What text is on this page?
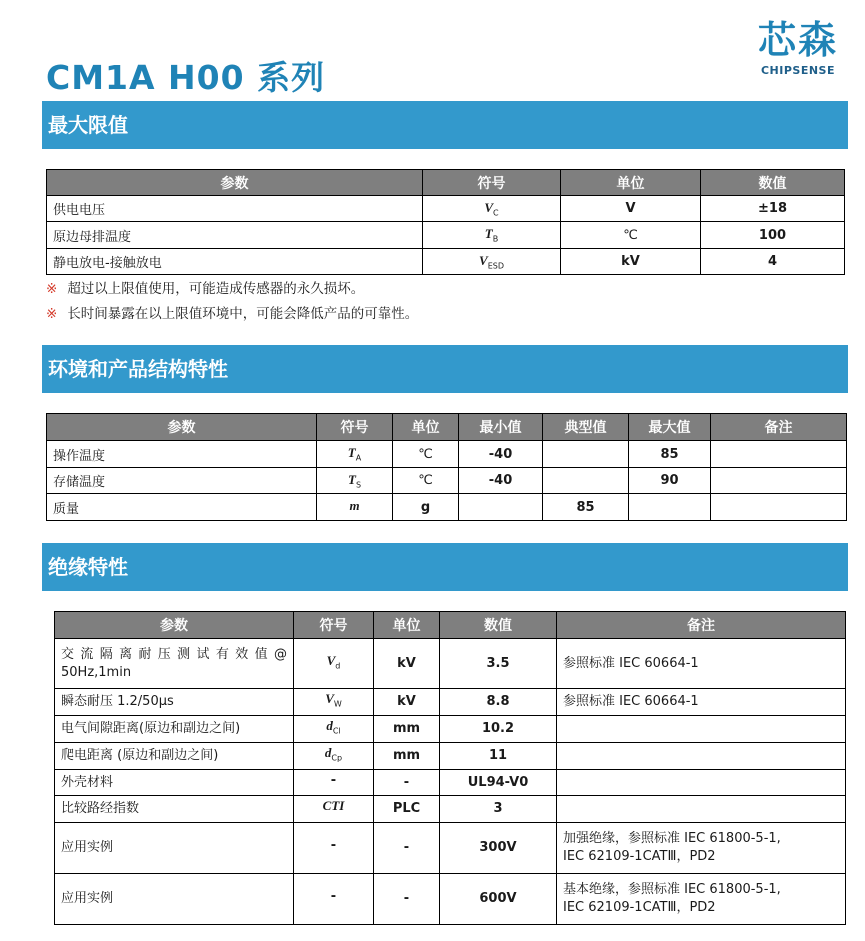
CM1A H00 系列
芯森
CHIPSENSE
最大限值
参数	符号	单位	数值
供电电压	$V_C$	V	±18
原边母排温度	$T_B$	℃	100
静电放电-接触放电	$V_{ESD}$	kV	4
※ 超过以上限值使用，可能造成传感器的永久损坏。
※ 长时间暴露在以上限值环境中，可能会降低产品的可靠性。
环境和产品结构特性
参数	符号	单位	最小值	典型值	最大值	备注
操作温度	$T_A$	℃	-40		85	
存储温度	$T_S$	℃	-40		90	
质量	m	g		85		
绝缘特性
参数	符号	单位	数值	备注

交 流 隔 离 耐 压 测 试 有 效 值 @
50Hz,1min	$V_d$	kV	3.5	参照标准 IEC 60664-1

瞬态耐压 1.2/50μs	$V_W$	kV	8.8	参照标准 IEC 60664-1

电气间隙距离(原边和副边之间)	$d_{Cl}$	mm	10.2	

爬电距离 (原边和副边之间)	$d_{Cp}$	mm	11	

外壳材料	-	-	UL94-V0	

比较路经指数	CTI	PLC	3	

应用实例	-	-	300V	加强绝缘，参照标准 IEC 61800-5-1,
IEC 62109-1CATⅢ，PD2

应用实例	-	-	600V	基本绝缘，参照标准 IEC 61800-5-1,
IEC 62109-1CATⅢ，PD2
